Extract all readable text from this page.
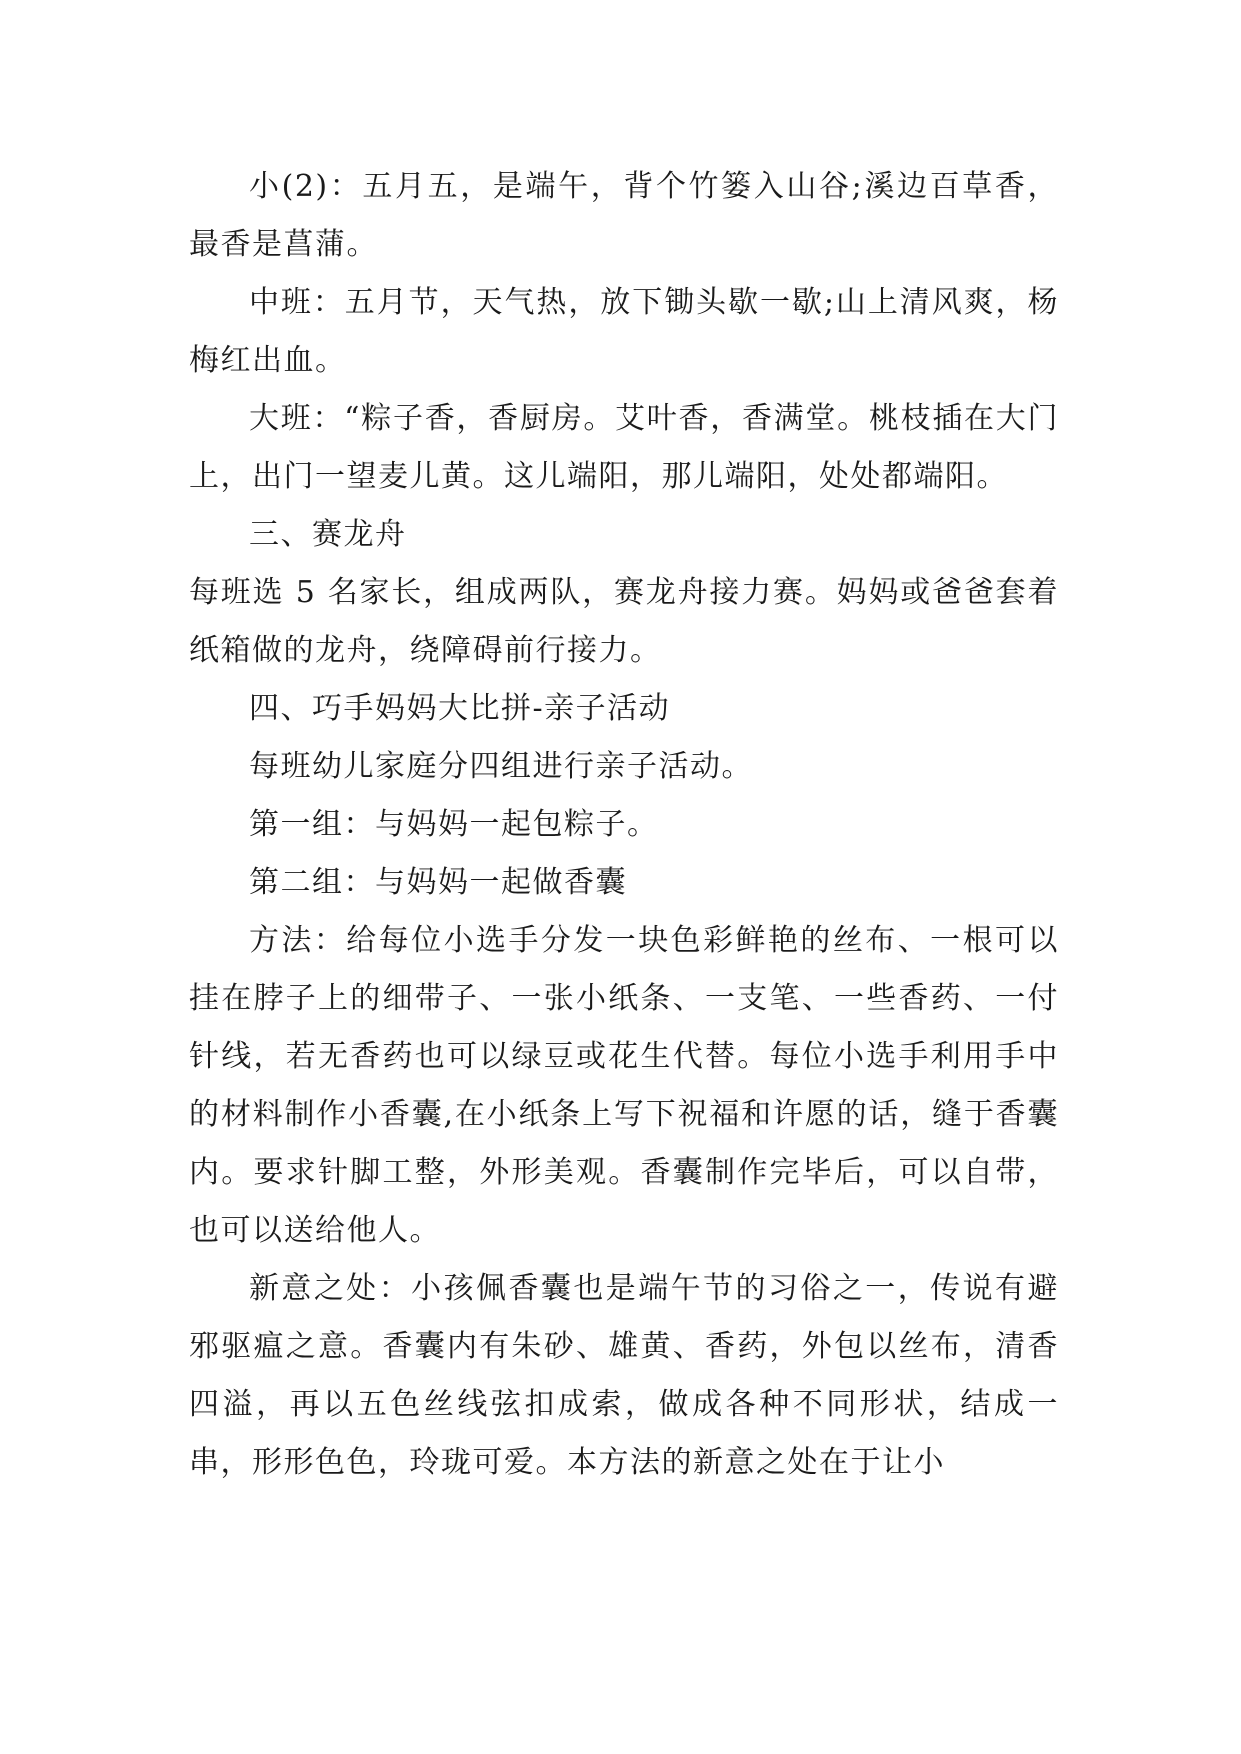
小(2)：五月五，是端午，背个竹篓入山谷;溪边百草香，最香是菖蒲。

中班：五月节，天气热，放下锄头歇一歇;山上清风爽，杨梅红出血。

大班：“粽子香，香厨房。艾叶香，香满堂。桃枝插在大门上，出门一望麦儿黄。这儿端阳，那儿端阳，处处都端阳。

三、赛龙舟

每班选 5 名家长，组成两队，赛龙舟接力赛。妈妈或爸爸套着纸箱做的龙舟，绕障碍前行接力。

四、巧手妈妈大比拼-亲子活动

每班幼儿家庭分四组进行亲子活动。

第一组：与妈妈一起包粽子。

第二组：与妈妈一起做香囊

方法：给每位小选手分发一块色彩鲜艳的丝布、一根可以挂在脖子上的细带子、一张小纸条、一支笔、一些香药、一付针线，若无香药也可以绿豆或花生代替。每位小选手利用手中的材料制作小香囊,在小纸条上写下祝福和许愿的话，缝于香囊内。要求针脚工整，外形美观。香囊制作完毕后，可以自带，也可以送给他人。

新意之处：小孩佩香囊也是端午节的习俗之一，传说有避邪驱瘟之意。香囊内有朱砂、雄黄、香药，外包以丝布，清香四溢，再以五色丝线弦扣成索，做成各种不同形状，结成一串，形形色色，玲珑可爱。本方法的新意之处在于让小
